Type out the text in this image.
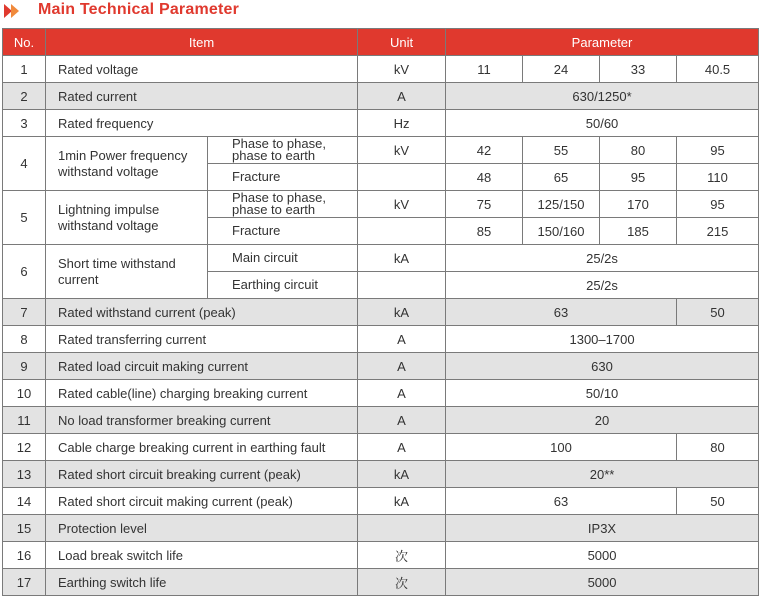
Main Technical Parameter
No.	Item		Unit	Parameter			
1	Rated voltage		kV	11	24	33	40.5
2	Rated current		A	630/1250*			
3	Rated frequency		Hz	50/60			
4	1min Power frequency withstand voltage	Phase to phase, phase to earth	kV	42	55	80	95
		Fracture		48	65	95	110
5	Lightning impulse withstand voltage	Phase to phase, phase to earth	kV	75	125/150	170	95
		Fracture		85	150/160	185	215
6	Short time withstand current	Main circuit	kA	25/2s			
		Earthing circuit		25/2s			
7	Rated withstand current (peak)		kA	63			50
8	Rated transferring current		A	1300–1700			
9	Rated load circuit making current		A	630			
10	Rated cable(line) charging breaking current		A	50/10			
11	No load transformer breaking current		A	20			
12	Cable charge breaking current in earthing fault		A	100			80
13	Rated short circuit breaking current (peak)		kA	20**			
14	Rated short circuit making current (peak)		kA	63			50
15	Protection level			IP3X			
16	Load break switch life		次	5000			
17	Earthing switch life		次	5000			
